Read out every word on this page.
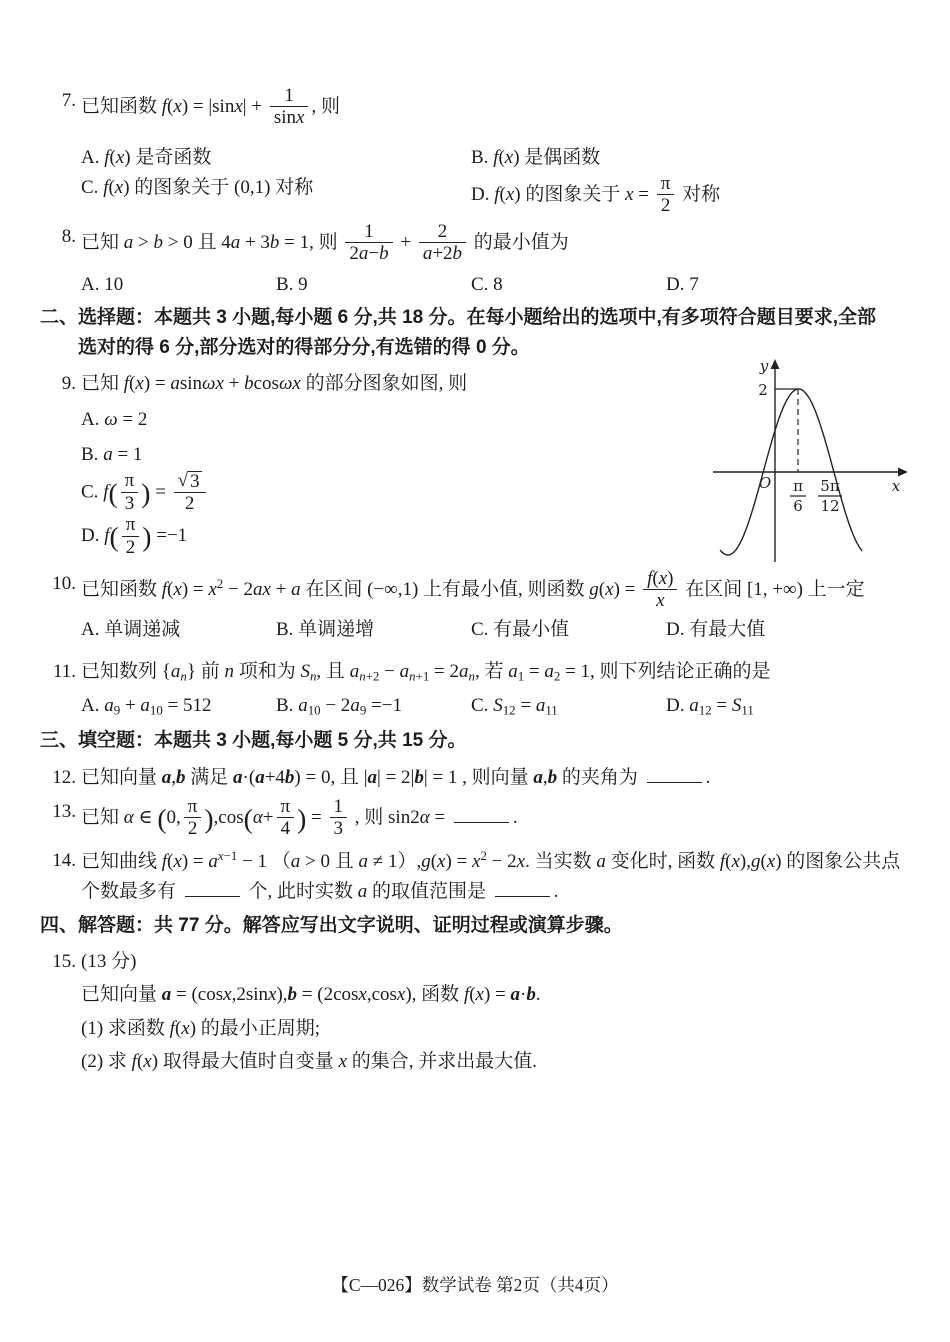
7. 已知函数 $f(x) = |\sin x| + \frac{1}{\sin x}$ , 则
A. f(x) 是奇函数	B. f(x) 是偶函数
C. f(x) 的图象关于 (0,1) 对称	D. f(x) 的图象关于 $x = \frac{\pi}{2}$ 对称
8. 已知 a > b > 0 且 4a + 3b = 1, 则 $\frac{1}{2a-b} + \frac{2}{a+2b}$ 的最小值为
A. 10	B. 9	C. 8	D. 7
二、选择题：本题共 3 小题,每小题 6 分,共 18 分。在每小题给出的选项中,有多项符合题目要求,全部
选对的得 6 分,部分选对的得部分分,有选错的得 0 分。
9. 已知 f(x) = asinωx + bcosωx 的部分图象如图, 则
A. ω = 2
B. a = 1
C. $f( \frac{\pi}{3}$ ) = $\frac{√ 3}{2}$
D. $f( \frac{\pi}{2}$ ) =−1
10. 已知函数 $f(x) = x^2 - 2ax + a$ 在区间 (−∞,1) 上有最小值, 则函数 $g(x) = \frac{f(x)}{x}$ 在区间 [1, +∞) 上一定
A. 单调递减	B. 单调递增	C. 有最小值	D. 有最大值
11. 已知数列 {an} 前 n 项和为 Sn, 且 an+2 − an+1 = 2an, 若 a1 = a2 = 1, 则下列结论正确的是
A. a9 + a10 = 512	B. a10 − 2a9 =−1	C. S12 = a11	D. a12 = S11
三、填空题：本题共 3 小题,每小题 5 分,共 15 分。
12. 已知向量 a,b 满足 a·(a+4b) = 0, 且 |a| = 2|b| = 1 , 则向量 a,b 的夹角为	.
13. 已知 α ∈ (0, $\frac{\pi}{2} ),\cos(\alpha+ \frac{\pi}{4}$ ) = $\frac{1}{3}$ , 则 sin2α =	.
14. 已知曲线 $f(x) = a^{x-1} - 1$ （a > 0 且 $a \ne 1),g(x) = x^2 - 2x$. 当实数 a 变化时, 函数 f(x),g(x) 的图象公共点个数最多有	个, 此时实数 a 的取值范围是	.
四、解答题：共 77 分。解答应写出文字说明、证明过程或演算步骤。
15. (13 分)
已知向量 a = (cosx,2sinx),b = (2cosx,cosx), 函数 f(x) = a·b.
(1) 求函数 f(x) 的最小正周期;
(2) 求 f(x) 取得最大值时自变量 x 的集合, 并求出最大值.
2
O	x
y
π
6
5π
12
【C—026】数学试卷 第2页（共4页）
